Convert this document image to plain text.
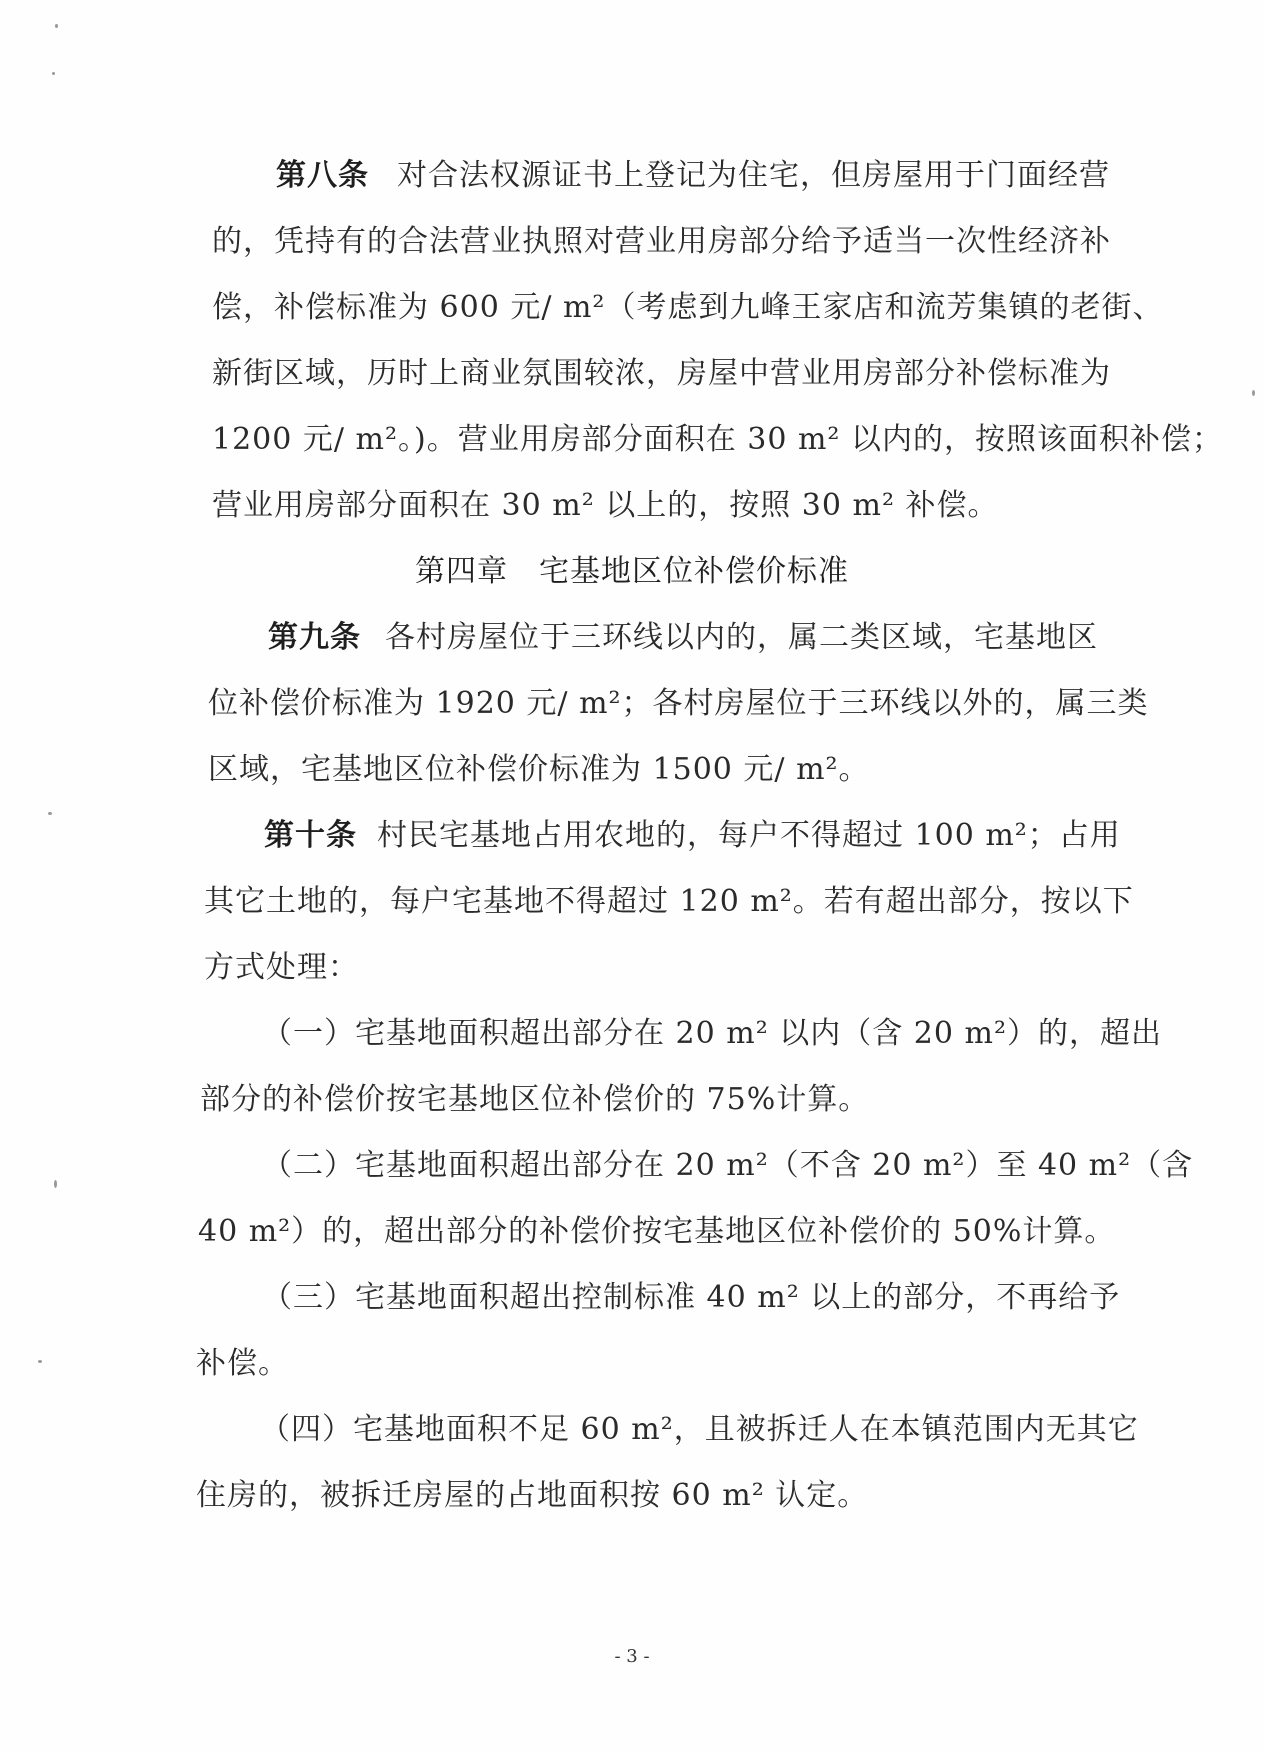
第八条 对合法权源证书上登记为住宅，但房屋用于门面经营
的，凭持有的合法营业执照对营业用房部分给予适当一次性经济补
偿，补偿标准为 600 元/ m²（考虑到九峰王家店和流芳集镇的老街、
新街区域，历时上商业氛围较浓，房屋中营业用房部分补偿标准为
1200 元/ m²。)。营业用房部分面积在 30 m² 以内的，按照该面积补偿；
营业用房部分面积在 30 m² 以上的，按照 30 m² 补偿。
第四章　宅基地区位补偿价标准
第九条 各村房屋位于三环线以内的，属二类区域，宅基地区
位补偿价标准为 1920 元/ m²；各村房屋位于三环线以外的，属三类
区域，宅基地区位补偿价标准为 1500 元/ m²。
第十条 村民宅基地占用农地的，每户不得超过 100 m²；占用
其它土地的，每户宅基地不得超过 120 m²。若有超出部分，按以下
方式处理：
（一）宅基地面积超出部分在 20 m² 以内（含 20 m²）的，超出
部分的补偿价按宅基地区位补偿价的 75%计算。
（二）宅基地面积超出部分在 20 m²（不含 20 m²）至 40 m²（含
40 m²）的，超出部分的补偿价按宅基地区位补偿价的 50%计算。
（三）宅基地面积超出控制标准 40 m² 以上的部分，不再给予
补偿。
（四）宅基地面积不足 60 m²，且被拆迁人在本镇范围内无其它
住房的，被拆迁房屋的占地面积按 60 m² 认定。
- 3 -
